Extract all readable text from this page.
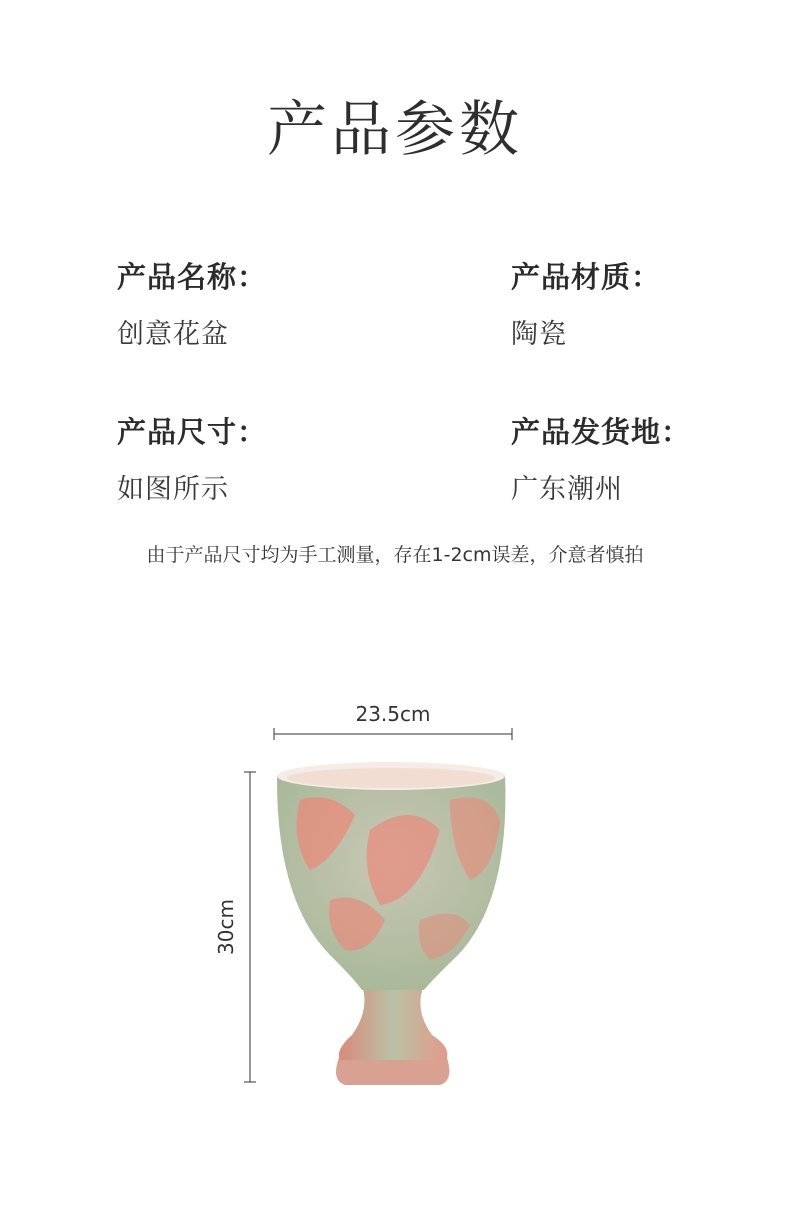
产品参数
产品名称：
创意花盆
产品材质：
陶瓷
产品尺寸：
如图所示
产品发货地：
广东潮州
由于产品尺寸均为手工测量，存在1-2cm误差，介意者慎拍
23.5cm
30cm
